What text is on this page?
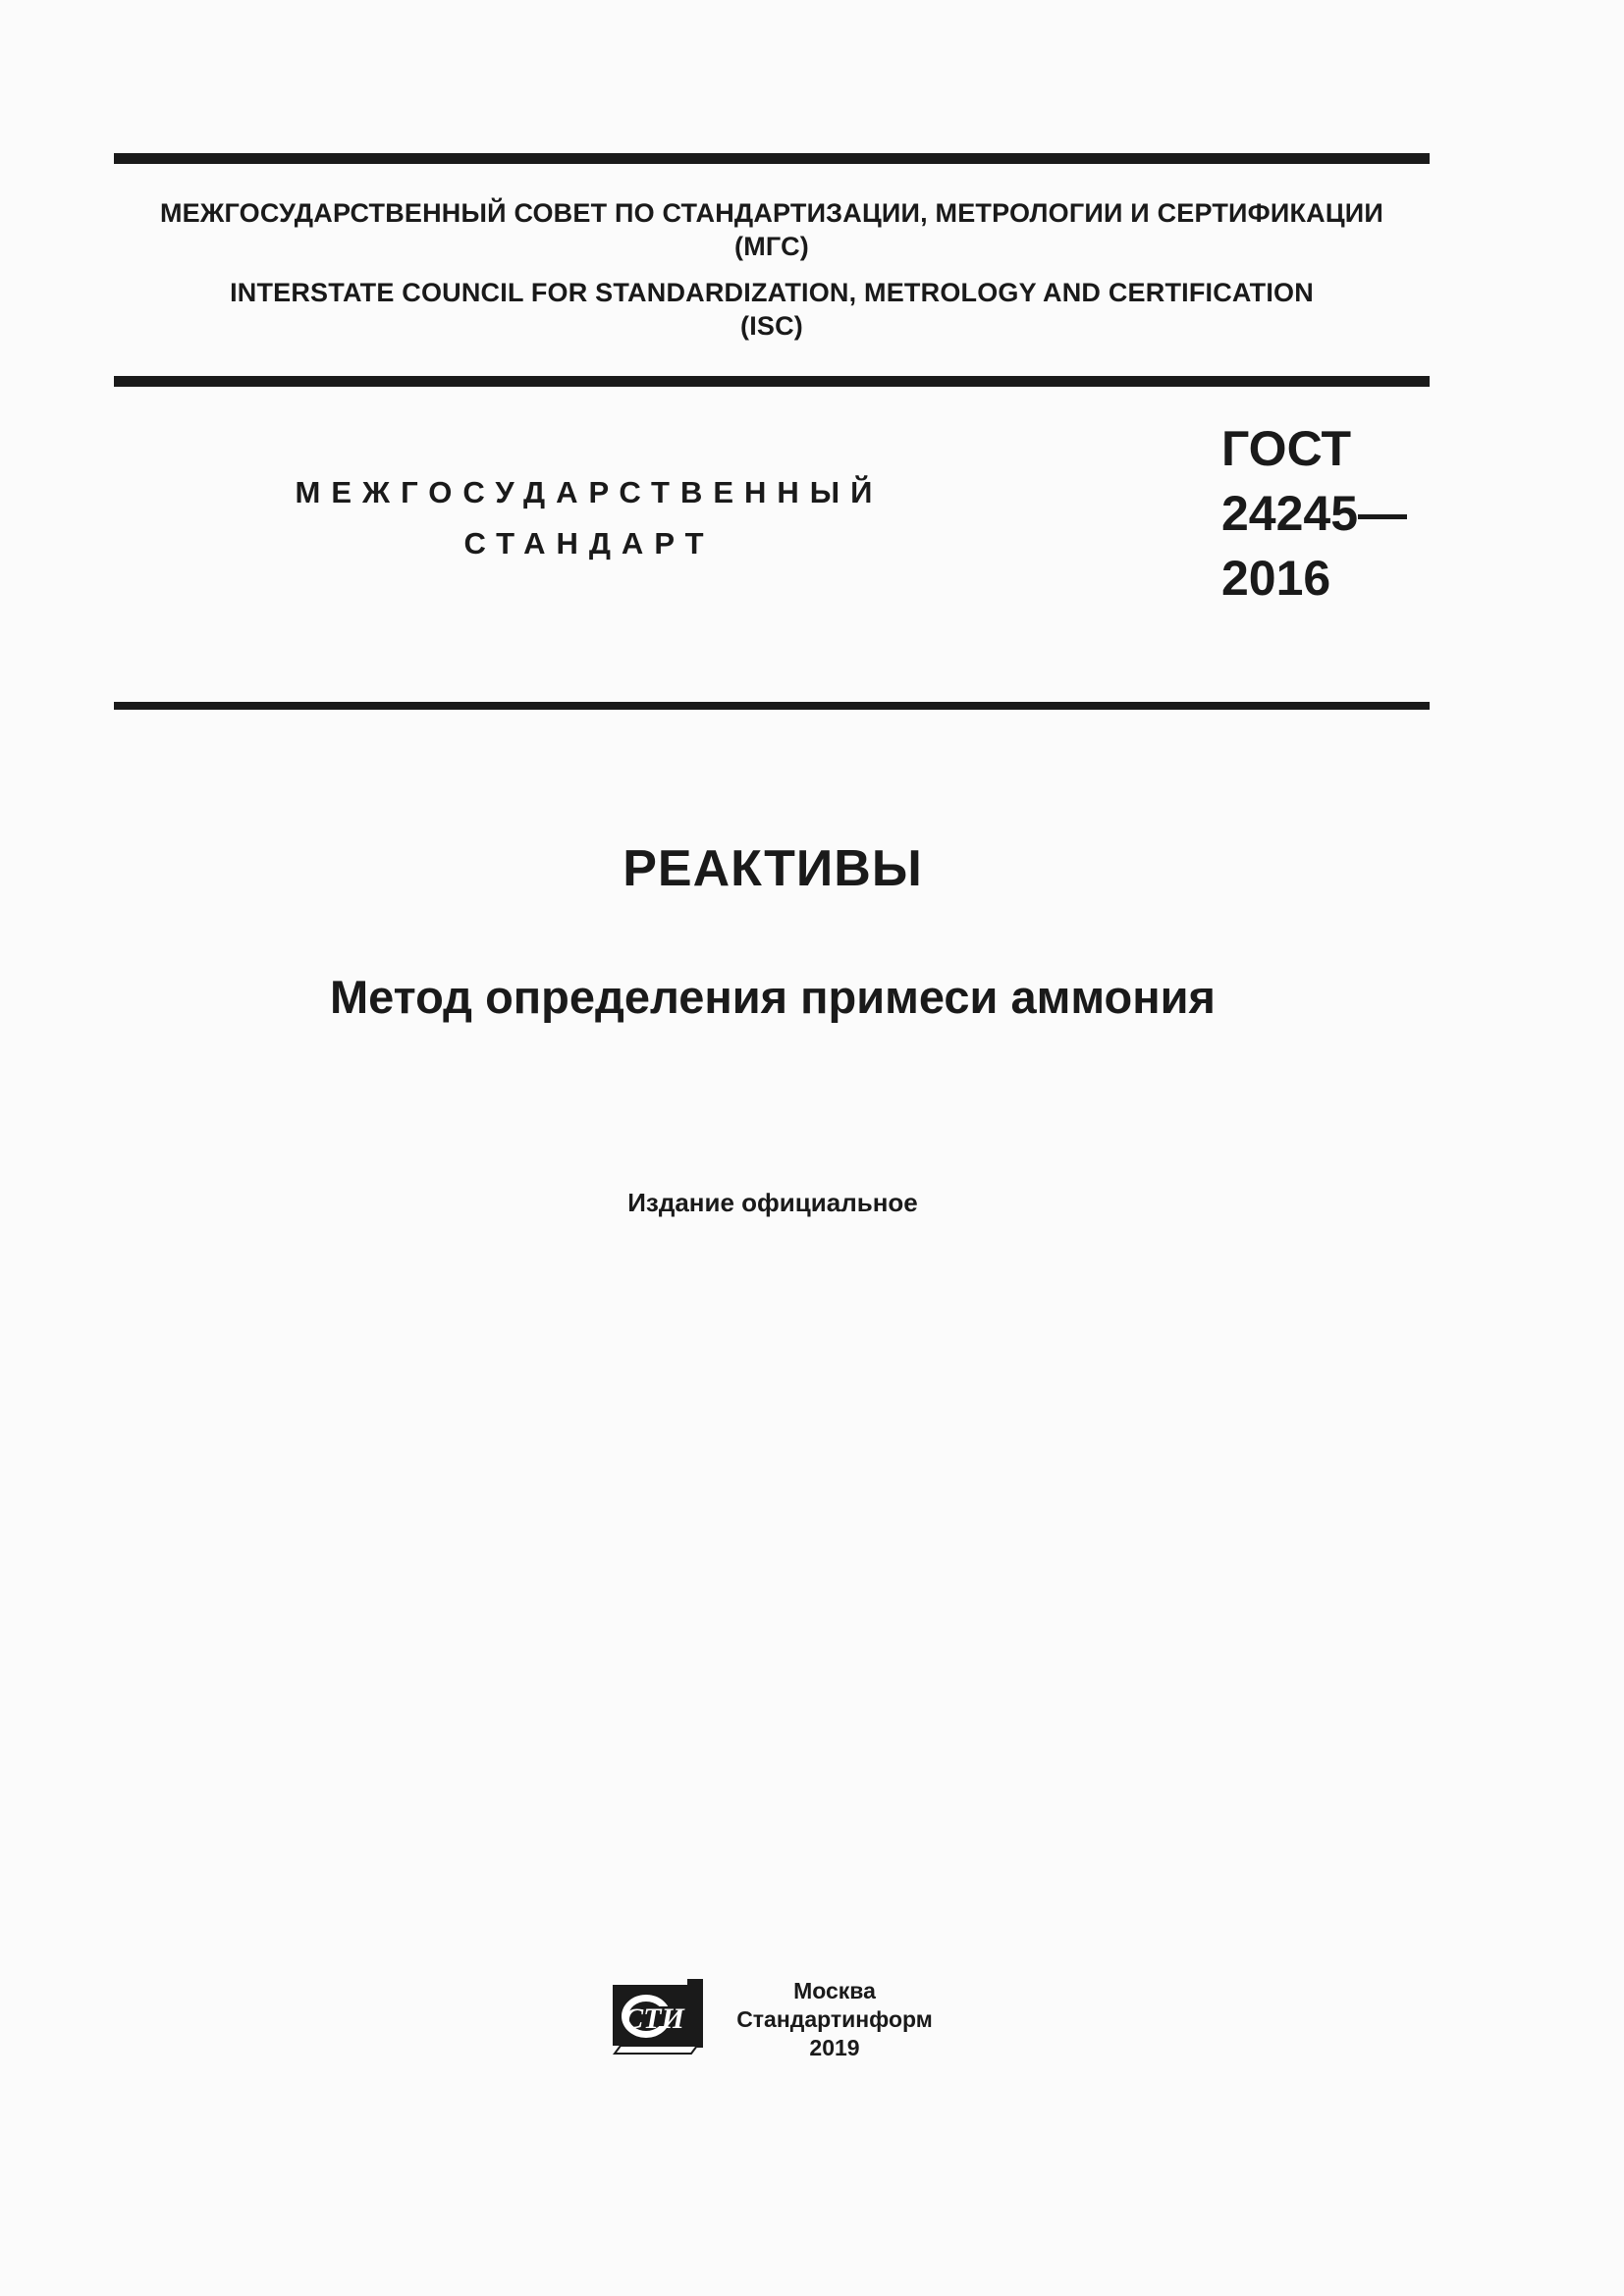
МЕЖГОСУДАРСТВЕННЫЙ СОВЕТ ПО СТАНДАРТИЗАЦИИ, МЕТРОЛОГИИ И СЕРТИФИКАЦИИ
(МГС)
INTERSTATE COUNCIL FOR STANDARDIZATION, METROLOGY AND CERTIFICATION
(ISC)
МЕЖГОСУДАРСТВЕННЫЙ
СТАНДАРТ
ГОСТ
24245—
2016
РЕАКТИВЫ
Метод определения примеси аммония
Издание официальное
СТИ
Москва
Стандартинформ
2019
